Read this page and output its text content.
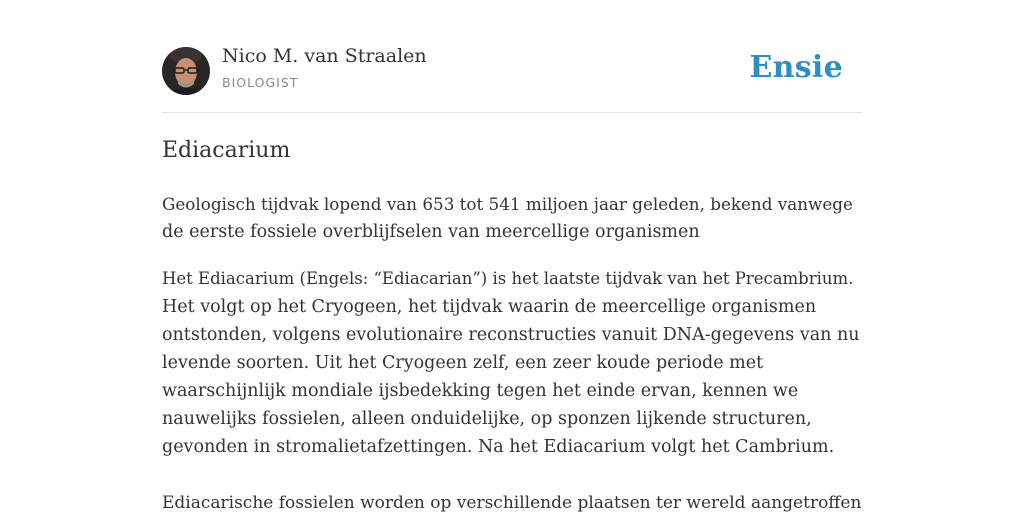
Nico M. van Straalen
BIOLOGIST	Ensie
Ediacarium

Geologisch tijdvak lopend van 653 tot 541 miljoen jaar geleden, bekend vanwege
de eerste fossiele overblijfselen van meercellige organismen

Het Ediacarium (Engels: “Ediacarian”) is het laatste tijdvak van het Precambrium.
Het volgt op het Cryogeen, het tijdvak waarin de meercellige organismen
ontstonden, volgens evolutionaire reconstructies vanuit DNA-gegevens van nu
levende soorten. Uit het Cryogeen zelf, een zeer koude periode met
waarschijnlijk mondiale ijsbedekking tegen het einde ervan, kennen we
nauwelijks fossielen, alleen onduidelijke, op sponzen lijkende structuren,
gevonden in stromalietafzettingen. Na het Ediacarium volgt het Cambrium.

Ediacarische fossielen worden op verschillende plaatsen ter wereld aangetroffen
